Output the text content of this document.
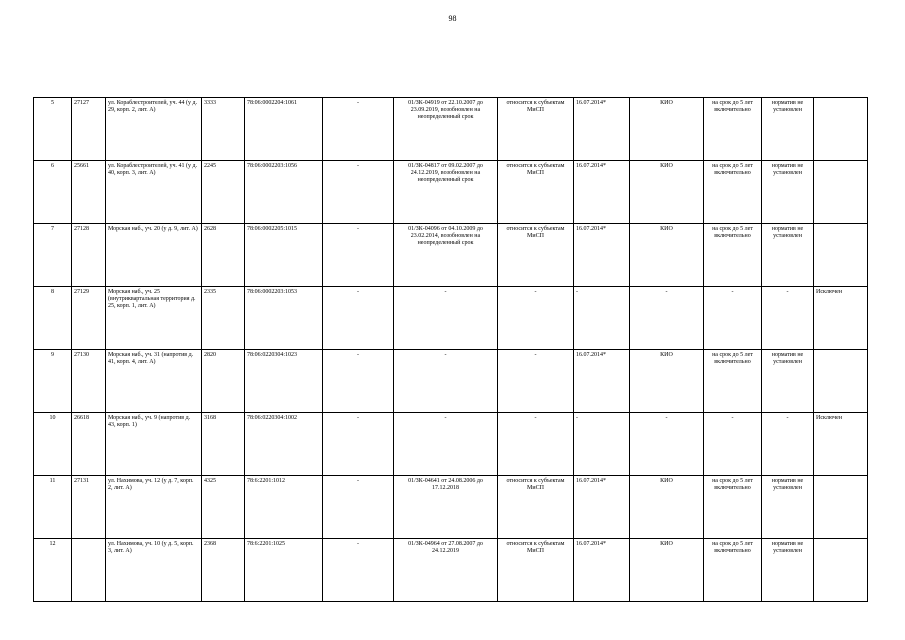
98
5	27127	ул. Кораблестроителей, уч. 44 (у д. 29, корп. 2, лит. А)	3333	78:06:0002204:1061	-	01/ЗК-04919 от 22.10.2007 до 23.09.2019, возобновлен на неопределенный срок	относится к субъектам МиСП	16.07.2014*	КИО	на срок до 5 лет включительно	норматив не установлен	
6	25661	ул. Кораблестроителей, уч. 41 (у д. 40, корп. 3, лит. А)	2245	78:06:0002203:1056	-	01/ЗК-04817 от 09.02.2007 до 24.12.2019, возобновлен на неопределенный срок	относится к субъектам МиСП	16.07.2014*	КИО	на срок до 5 лет включительно	норматив не установлен	
7	27128	Морская наб., уч. 20 (у д. 9, лит. А)	2628	78:06:0002205:1015	-	01/ЗК-04096 от 04.10.2009 до 23.02.2014, возобновлен на неопределенный срок	относится к субъектам МиСП	16.07.2014*	КИО	на срок до 5 лет включительно	норматив не установлен	
8	27129	Морская наб., уч. 25 (внутриквартальная территория д. 25, корп. 1, лит. А)	2335	78:06:0002203:1053	-	-	-	-	-	-	-	Исключен
9	27130	Морская наб., уч. 31 (напротив д. 41, корп. 4, лит. А)	2820	78:06:0220304:1023	-	-	-	16.07.2014*	КИО	на срок до 5 лет включительно	норматив не установлен	
10	26618	Морская наб., уч. 9 (напротив д. 43, корп. 1)	3168	78:06:0220304:1002	-	-	-	-	-	-	-	Исключен
11	27131	ул. Нахимова, уч. 12 (у д. 7, корп. 2, лит. А)	4325	78:6:2201:1012	-	01/ЗК-04641 от 24.08.2006 до 17.12.2018	относится к субъектам МиСП	16.07.2014*	КИО	на срок до 5 лет включительно	норматив не установлен	
12		ул. Нахимова, уч. 10 (у д. 5, корп. 3, лит. А)	2368	78:6:2201:1025	-	01/ЗК-04964 от 27.08.2007 до 24.12.2019	относится к субъектам МиСП	16.07.2014*	КИО	на срок до 5 лет включительно	норматив не установлен	
